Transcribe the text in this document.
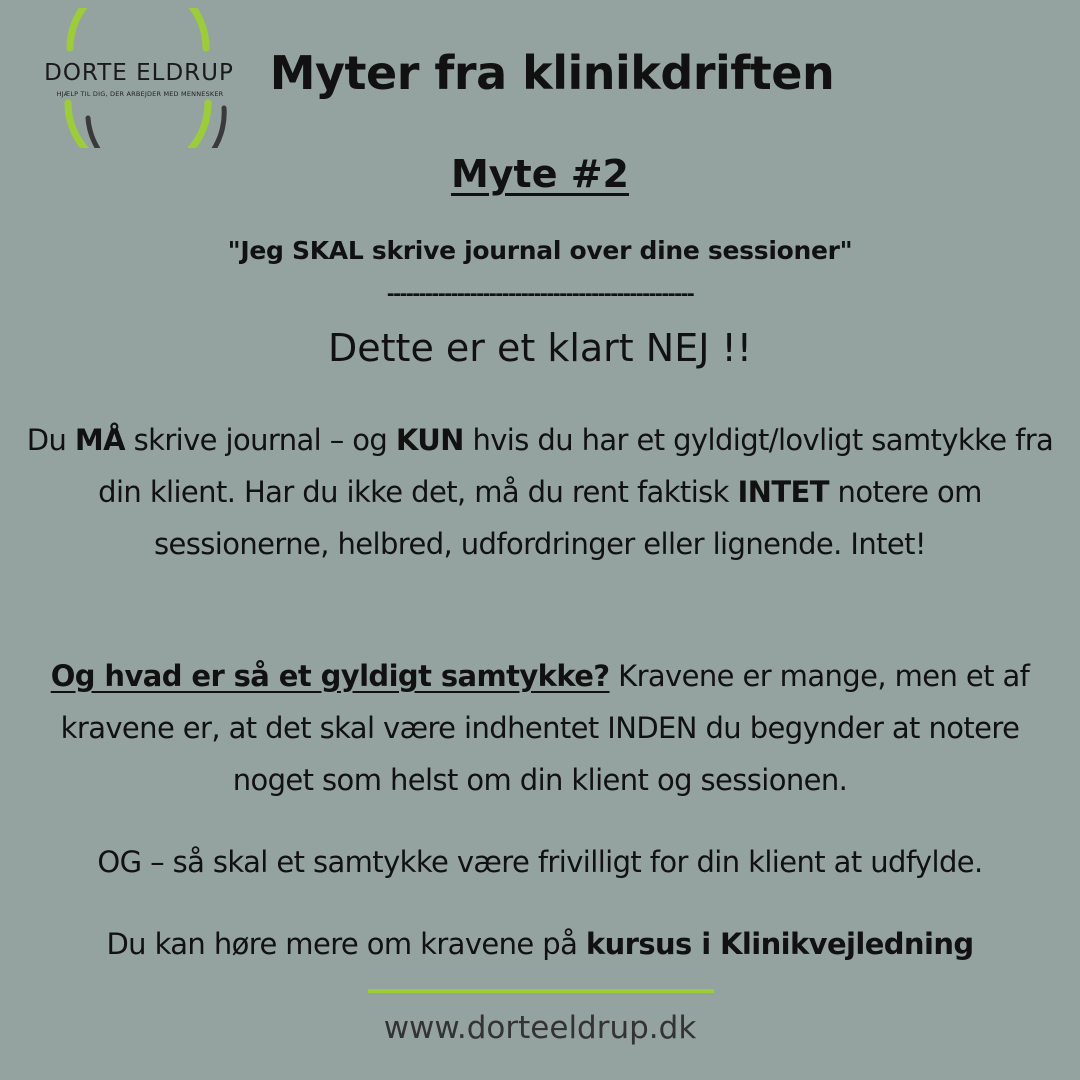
DORTE ELDRUP
HJÆLP TIL DIG, DER ARBEJDER MED MENNESKER	Myter fra klinikdriften
Myte #2
"Jeg SKAL skrive journal over dine sessioner"
------------------------------------------------
Dette er et klart NEJ !!
Du MÅ skrive journal – og KUN hvis du har et gyldigt/lovligt samtykke fra din klient. Har du ikke det, må du rent faktisk INTET notere om sessionerne, helbred, udfordringer eller lignende. Intet!
Og hvad er så et gyldigt samtykke? Kravene er mange, men et af kravene er, at det skal være indhentet INDEN du begynder at notere noget som helst om din klient og sessionen.
OG – så skal et samtykke være frivilligt for din klient at udfylde.
Du kan høre mere om kravene på kursus i Klinikvejledning
www.dorteeldrup.dk
